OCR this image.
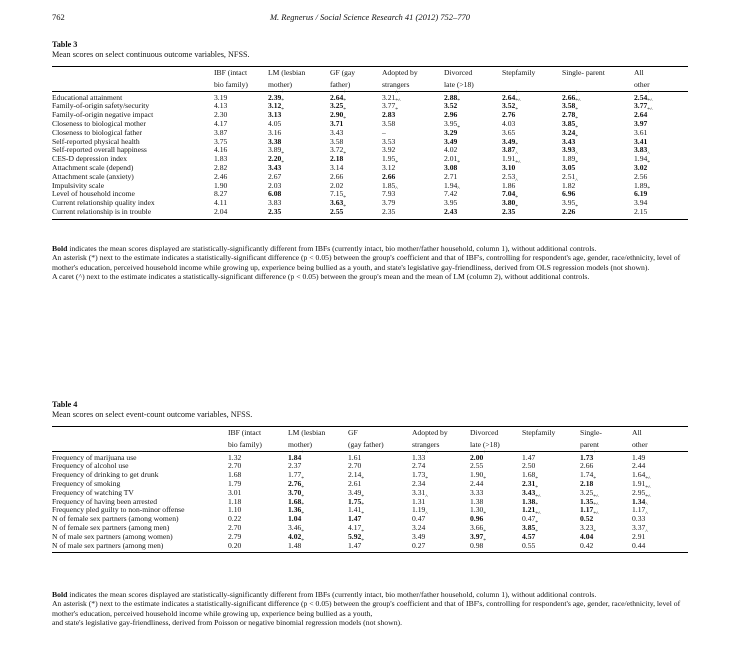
762	M. Regnerus / Social Science Research 41 (2012) 752–770
Table 3
Mean scores on select continuous outcome variables, NFSS.
	IBF (intact	LM (lesbian	GF (gay	Adopted by	Divorced	Stepfamily	Single- parent	All
	bio family)	mother)	father)	strangers	late (>18)			other
Educational attainment	3.19	2.39*	2.64*	3.21^	2.88*	2.64*	2.66*	2.54*
Family-of-origin safety/security	4.13	3.12*	3.25*	3.77*^	3.52*	3.52*^	3.58*^	3.77*^
Family-of-origin negative impact	2.30	3.13*	2.90*	2.83*	2.96	2.76*	2.78*	2.64*^
Closeness to biological mother	4.17	4.05	3.71*	3.58	3.95	4.03	3.85*	3.97
Closeness to biological father	3.87	3.16	3.43	–	3.29*	3.65	3.24*	3.61
Self-reported physical health	3.75	3.38	3.58	3.53	3.49	3.49	3.43*	3.41
Self-reported overall happiness	4.16	3.89	3.72	3.92	4.02	3.87*	3.93	3.83
CES-D depression index	1.83	2.20*	2.18*	1.95	2.01	1.91^	1.89^	1.94^
Attachment scale (depend)	2.82	3.43*	3.14	3.12*	3.08*	3.10*^	3.05*	3.02*
Attachment scale (anxiety)	2.46	2.67	2.66	2.66	2.71	2.53	2.51	2.56
Impulsivity scale	1.90	2.03	2.02	1.85	1.94	1.86^	1.82^	1.89
Level of household income	8.27	6.08	7.15	7.93^	7.42^	7.04	6.96	6.19*
Current relationship quality index	4.11	3.83	3.63*	3.79	3.95	3.80*	3.95	3.94
Current relationship is in trouble	2.04	2.35	2.55*	2.35	2.43	2.35*	2.26*	2.15

Bold indicates the mean scores displayed are statistically-significantly different from IBFs (currently intact, bio mother/father household, column 1), without additional controls.

An asterisk (*) next to the estimate indicates a statistically-significant difference (p < 0.05) between the group's coefficient and that of IBF's, controlling for respondent's age, gender, race/ethnicity, level of mother's education, perceived household income while growing up, experience being bullied as a youth, and state's legislative gay-friendliness, derived from OLS regression models (not shown).

A caret (^) next to the estimate indicates a statistically-significant difference (p < 0.05) between the group's mean and the mean of LM (column 2), without additional controls.

Table 4
Mean scores on select event-count outcome variables, NFSS.
	IBF (intact	LM (lesbian	GF	Adopted by	Divorced	Stepfamily	Single-	All
	bio family)	mother)	(gay father)	strangers	late (>18)		parent	other
Frequency of marijuana use	1.32	1.84*	1.61	1.33^	2.00*	1.47	1.73*	1.49
Frequency of alcohol use	2.70	2.37	2.70	2.74	2.55	2.50	2.66	2.44
Frequency of drinking to get drunk	1.68	1.77	2.14	1.73	1.90	1.68	1.74	1.64
Frequency of smoking	1.79	2.76*	2.61*	2.34*	2.44*	2.31*	2.18*	1.91*^
Frequency of watching TV	3.01	3.70*	3.49	3.31	3.33	3.43*	3.25	2.95*^
Frequency of having been arrested	1.18	1.68*	1.75*	1.31^	1.38	1.38*^	1.35*^	1.34*^
Frequency pled guilty to non-minor offense	1.10	1.36*	1.41*	1.19	1.30	1.21*	1.17*^	1.17^
N of female sex partners (among women)	0.22	1.04*	1.47*	0.47^	0.96*	0.47*^	0.52*^	0.33^
N of female sex partners (among men)	2.70	3.46	4.17	3.24	3.66	3.85*	3.23	3.37
N of male sex partners (among women)	2.79	4.02*	5.92*	3.49	3.97*	4.57*	4.04*	2.91^
N of male sex partners (among men)	0.20	1.48*	1.47*	0.27	0.98*	0.55	0.42	0.44

Bold indicates the mean scores displayed are statistically-significantly different from IBFs (currently intact, bio mother/father household, column 1), without additional controls.

An asterisk (*) next to the estimate indicates a statistically-significant difference (p < 0.05) between the group's coefficient and that of IBF's, controlling for respondent's age, gender, race/ethnicity, level of mother's education, perceived household income while growing up, experience being bullied as a youth,

and state's legislative gay-friendliness, derived from Poisson or negative binomial regression models (not shown).
